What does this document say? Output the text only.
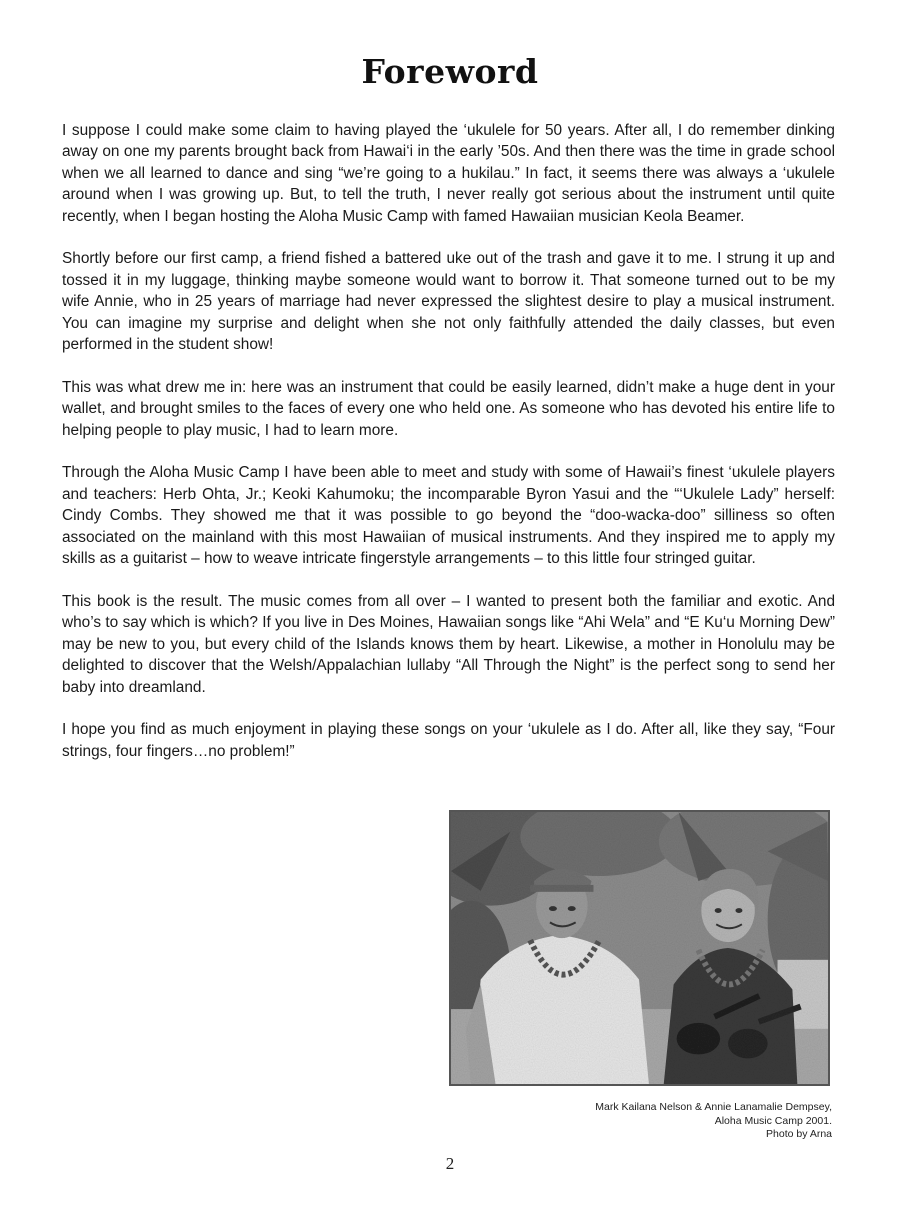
Foreword

I suppose I could make some claim to having played the ‘ukulele for 50 years. After all, I do remember dinking away on one my parents brought back from Hawai‘i in the early ’50s. And then there was the time in grade school when we all learned to dance and sing “we’re going to a hukilau.” In fact, it seems there was always a ‘ukulele around when I was growing up. But, to tell the truth, I never really got serious about the instrument until quite recently, when I began hosting the Aloha Music Camp with famed Hawaiian musician Keola Beamer.

Shortly before our first camp, a friend fished a battered uke out of the trash and gave it to me. I strung it up and tossed it in my luggage, thinking maybe someone would want to borrow it. That someone turned out to be my wife Annie, who in 25 years of marriage had never expressed the slightest desire to play a musical instrument. You can imagine my surprise and delight when she not only faithfully attended the daily classes, but even performed in the student show!

This was what drew me in: here was an instrument that could be easily learned, didn’t make a huge dent in your wallet, and brought smiles to the faces of every one who held one. As someone who has devoted his entire life to helping people to play music, I had to learn more.

Through the Aloha Music Camp I have been able to meet and study with some of Hawaii’s finest ‘ukulele players and teachers: Herb Ohta, Jr.; Keoki Kahumoku; the incomparable Byron Yasui and the “‘Ukulele Lady” herself: Cindy Combs. They showed me that it was possible to go beyond the “doo-wacka-doo” silliness so often associated on the mainland with this most Hawaiian of musical instruments. And they inspired me to apply my skills as a guitarist – how to weave intricate fingerstyle arrangements – to this little four stringed guitar.

This book is the result. The music comes from all over – I wanted to present both the familiar and exotic. And who’s to say which is which? If you live in Des Moines, Hawaiian songs like “Ahi Wela” and “E Ku‘u Morning Dew” may be new to you, but every child of the Islands knows them by heart. Likewise, a mother in Honolulu may be delighted to discover that the Welsh/Appalachian lullaby “All Through the Night” is the perfect song to send her baby into dreamland.

I hope you find as much enjoyment in playing these songs on your ‘ukulele as I do. After all, like they say, “Four strings, four fingers…no problem!”

Mark Kailana Nelson & Annie Lanamalie Dempsey,
Aloha Music Camp 2001.
Photo by Arna
2
